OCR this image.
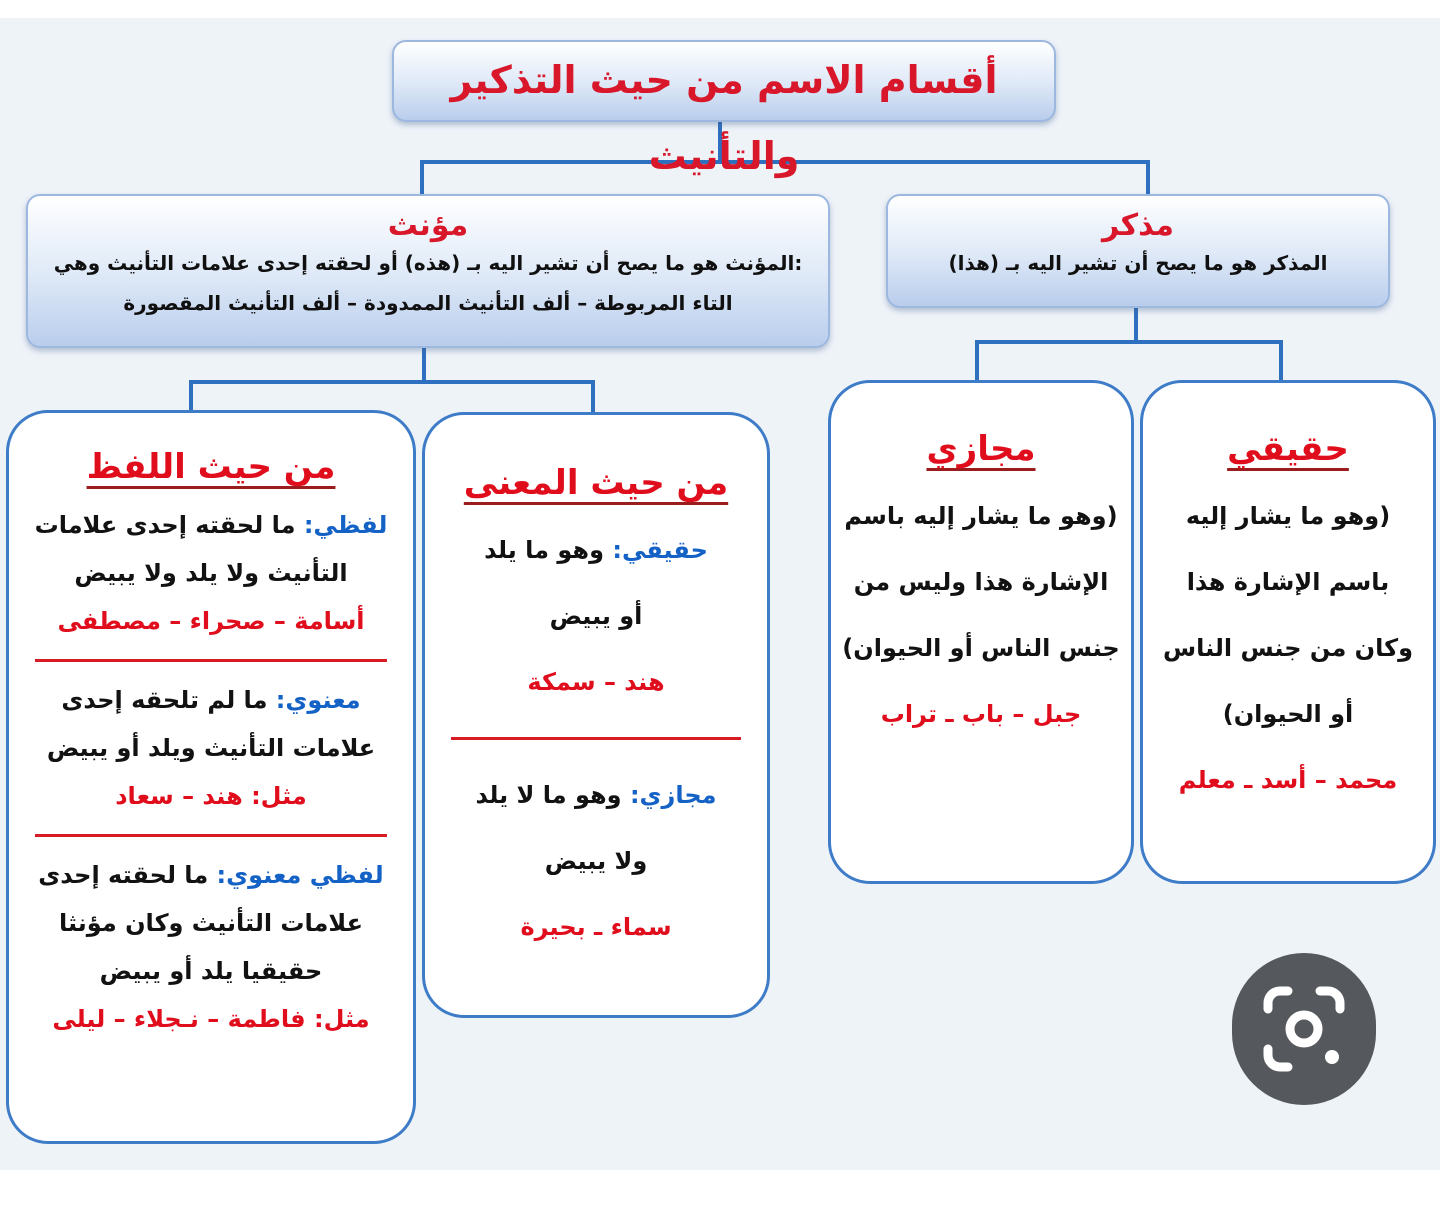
أقسام الاسم من حيث التذكير والتأنيث
مذكر
المذكر هو ما يصح أن تشير اليه بـ (هذا)
مؤنث
المؤنث هو ما يصح أن تشير اليه بـ (هذه) أو لحقته إحدى علامات التأنيث وهي:
التاء المربوطة – ألف التأنيث الممدودة – ألف التأنيث المقصورة
حقيقي

(وهو ما يشار إليه

باسم الإشارة هذا

وكان من جنس الناس

أو الحيوان)

محمد – أسد ـ معلم

مجازي

(وهو ما يشار إليه باسم

الإشارة هذا وليس من

جنس الناس أو الحيوان)

جبل – باب ـ تراب

من حيث المعنى

حقيقي: وهو ما يلد

أو يبيض

هند – سمكة

مجازي: وهو ما لا يلد

ولا يبيض

سماء ـ بحيرة

من حيث اللفظ

لفظي: ما لحقته إحدى علامات

التأنيث ولا يلد ولا يبيض

أسامة – صحراء – مصطفى

معنوي: ما لم تلحقه إحدى

علامات التأنيث ويلد أو يبيض

مثل: هند – سعاد

لفظي معنوي: ما لحقته إحدى

علامات التأنيث وكان مؤنثا

حقيقيا يلد أو يبيض

مثل: فاطمة – نـجلاء – ليلى
